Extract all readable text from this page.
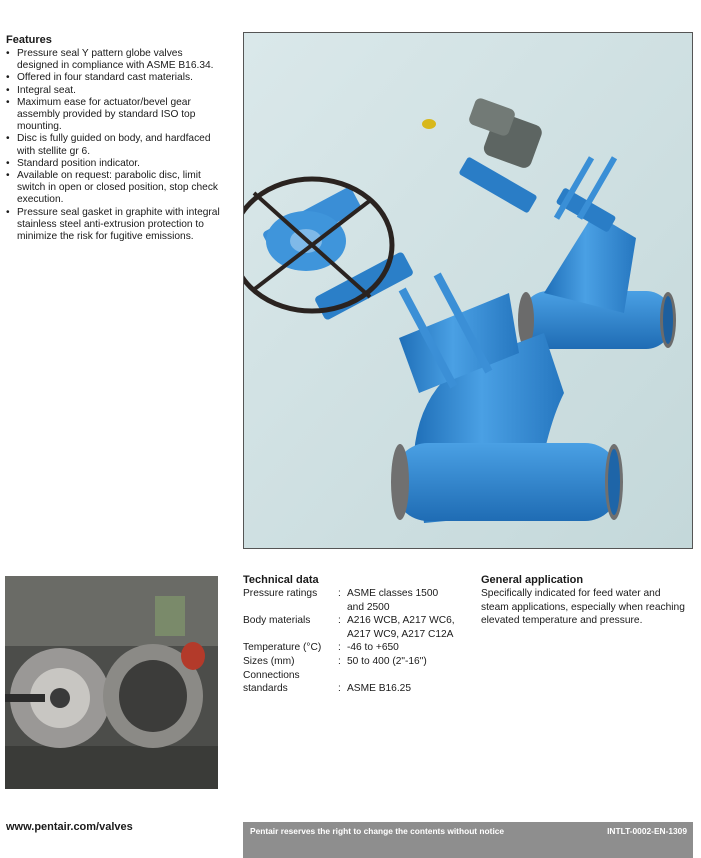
Features
• Pressure seal Y pattern globe valves designed in compliance with ASME B16.34.
• Offered in four standard cast materials.
• Integral seat.
• Maximum ease for actuator/bevel gear assembly provided by standard ISO top mounting.
• Disc is fully guided on body, and hardfaced with stellite gr 6.
• Standard position indicator.
• Available on request: parabolic disc, limit switch in open or closed position, stop check execution.
• Pressure seal gasket in graphite with integral stainless steel anti-extrusion protection to minimize the risk for fugitive emissions.
Technical data
Pressure ratings	:	ASME classes 1500
and 2500
Body materials	:	A216 WCB, A217 WC6,
A217 WC9, A217 C12A
Temperature (°C)	:	-46 to +650
Sizes (mm)	:	50 to 400 (2"-16")
Connections		
standards	:	ASME B16.25
General application

Specifically indicated for feed water and steam applications, especially when reaching elevated temperature and pressure.

www.pentair.com/valves	Pentair reserves the right to change the contents without notice	INTLT-0002-EN-1309
